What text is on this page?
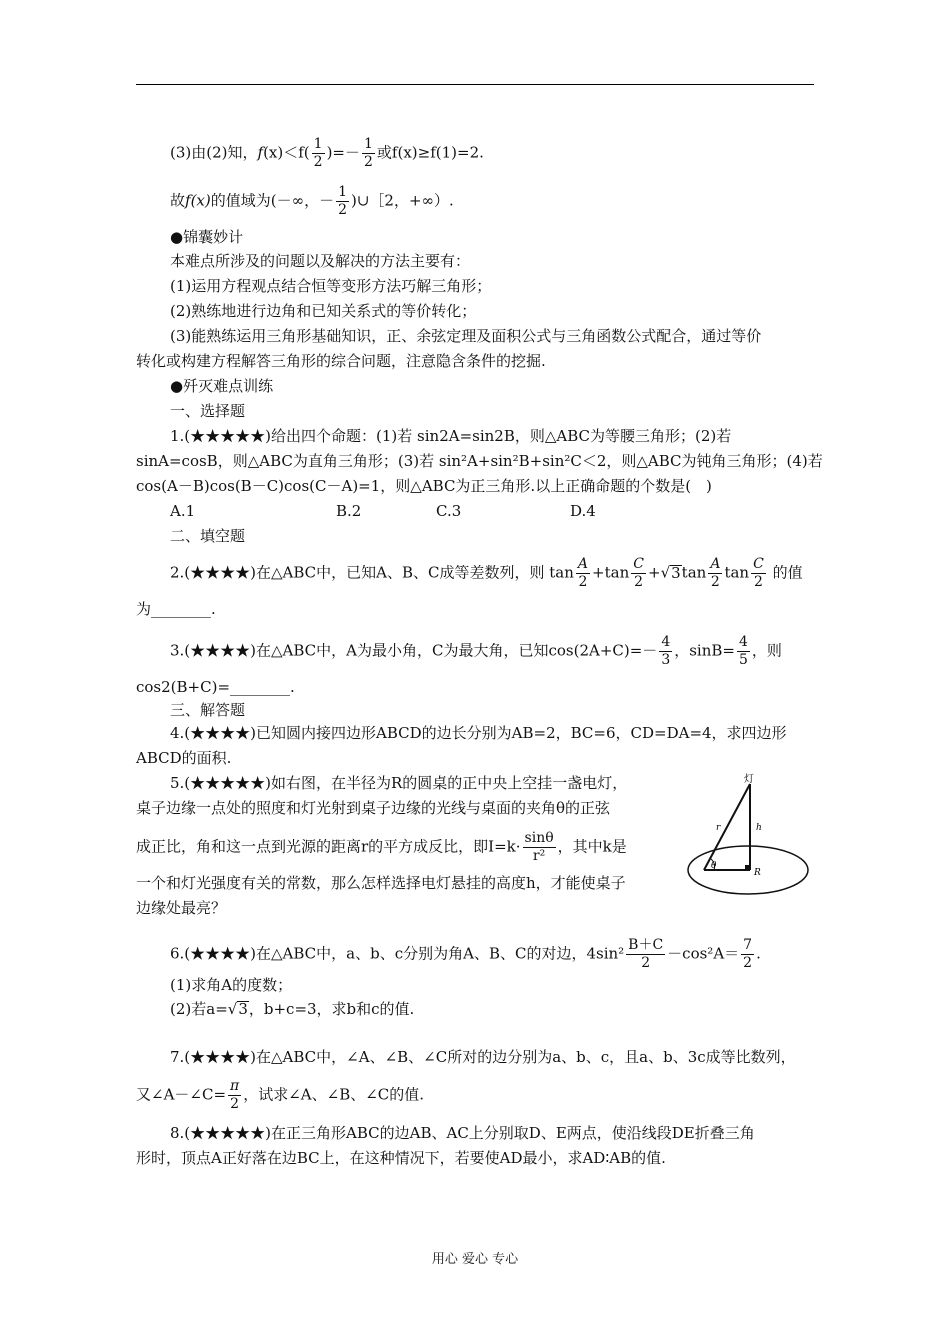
(3)由(2)知，$f(x)<f( \frac{1}{2}$ )=－ $\frac{1}{2}$ 或f(x)≥f(1)=2.
故f(x)的值域为(－∞，－ $\frac{1}{2}$ )∪［2，+∞）.
●锦囊妙计
本难点所涉及的问题以及解决的方法主要有：
(1)运用方程观点结合恒等变形方法巧解三角形；
(2)熟练地进行边角和已知关系式的等价转化；
(3)能熟练运用三角形基础知识，正、余弦定理及面积公式与三角函数公式配合，通过等价
转化或构建方程解答三角形的综合问题，注意隐含条件的挖掘.
●歼灭难点训练
一、选择题
1.(★★★★★)给出四个命题：(1)若 sin2A=sin2B，则△ABC为等腰三角形；(2)若
sinA=cosB，则△ABC为直角三角形；(3)若 sin²A+sin²B+sin²C＜2，则△ABC为钝角三角形；(4)若
cos(A－B)cos(B－C)cos(C－A)=1，则△ABC为正三角形.以上正确命题的个数是(　)
A.1	B.2	C.3	D.4
二、填空题
2.(★★★★)在△ABC中，已知A、B、C成等差数列，则 $\tan \frac{A}{2} +\tan \frac{C}{2} +√3\tan \frac{A}{2}$ $\tan \frac{C}{2}$ 的值
为________.
3.(★★★★)在△ABC中，A为最小角，C为最大角，已知$\cos(2A+C)=- \frac{4}{3}$ ，$\sin B= \frac{4}{5}$ ，则
cos2(B+C)=________.
三、解答题
4.(★★★★)已知圆内接四边形ABCD的边长分别为AB=2，BC=6，CD=DA=4，求四边形
ABCD的面积.
5.(★★★★★)如右图，在半径为R的圆桌的正中央上空挂一盏电灯，
桌子边缘一点处的照度和灯光射到桌子边缘的光线与桌面的夹角θ的正弦
成正比，角和这一点到光源的距离r的平方成反比，即$I=k\cdot \frac{\sin\theta}{\text{r²}}$ ，其中k是
一个和灯光强度有关的常数，那么怎样选择电灯悬挂的高度h，才能使桌子
边缘处最亮？
灯
r	h
θ
R
6.(★★★★)在△ABC中，a、b、c分别为角A、B、C的对边，$4\sin^2 \frac{B+C}{2} -\cos^2A= \frac{7}{2}$ .
(1)求角A的度数；
(2)若a=√3，b+c=3，求b和c的值.
7.(★★★★)在△ABC中，∠A、∠B、∠C所对的边分别为a、b、c，且a、b、3c成等比数列，
又∠A－∠C= $\frac{\pi}{2}$ ，试求∠A、∠B、∠C的值.
8.(★★★★★)在正三角形ABC的边AB、AC上分别取D、E两点，使沿线段DE折叠三角
形时，顶点A正好落在边BC上，在这种情况下，若要使AD最小，求AD∶AB的值.
用心 爱心 专心
